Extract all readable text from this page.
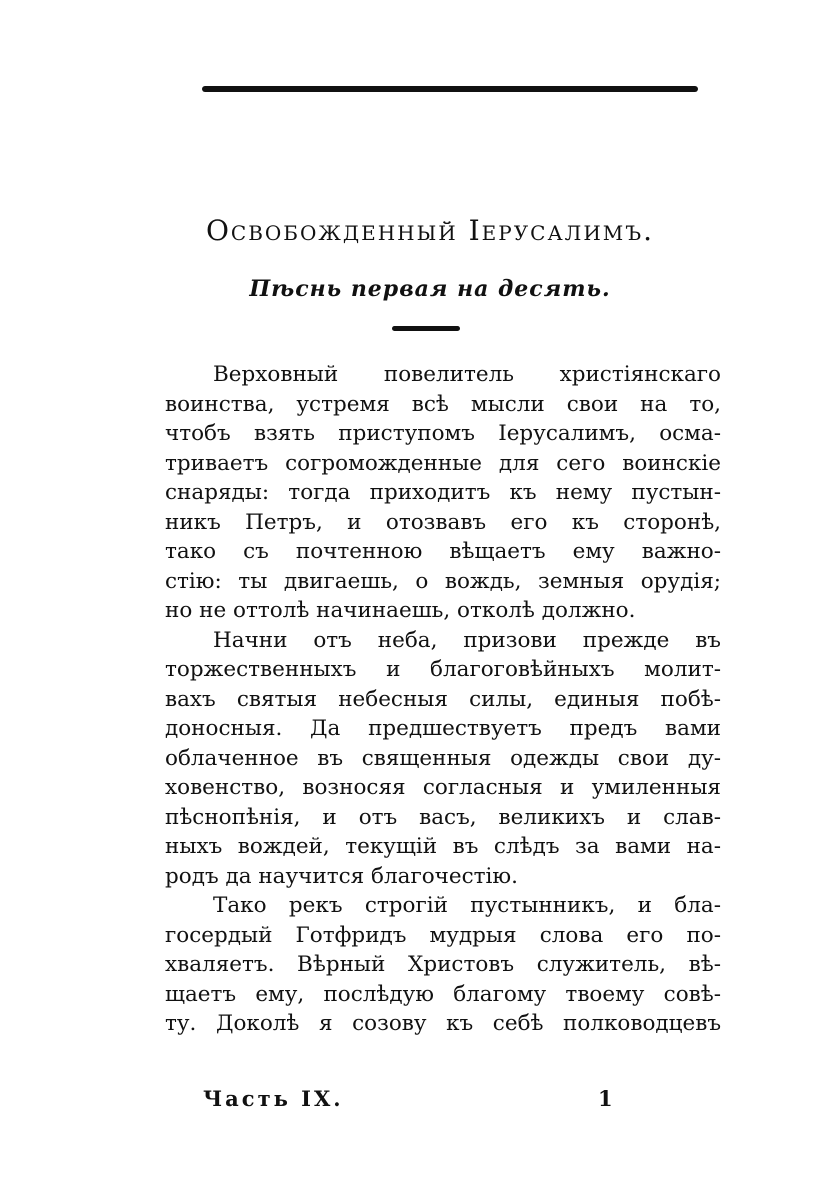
Освобожденный Іерусалимъ.
Пѣснь первая на десять.
Верховный повелитель христіянскаго
воинства, устремя всѣ мысли свои на то,
чтобъ взять приступомъ Іерусалимъ, осма-
триваетъ согроможденные для сего воинскіе
снаряды: тогда приходитъ къ нему пустын-
никъ Петръ, и отозвавъ его къ сторонѣ,
тако съ почтенною вѣщаетъ ему важно-
стію: ты двигаешь, о вождь, земныя орудія;
но не оттолѣ начинаешь, отколѣ должно.
Начни отъ неба, призови прежде въ
торжественныхъ и благоговѣйныхъ молит-
вахъ святыя небесныя силы, единыя побѣ-
доносныя. Да предшествуетъ предъ вами
облаченное въ священныя одежды свои ду-
ховенство, возносяя согласныя и умиленныя
пѣснопѣнія, и отъ васъ, великихъ и слав-
ныхъ вождей, текущій въ слѣдъ за вами на-
родъ да научится благочестію.
Тако рекъ строгій пустынникъ, и бла-
госердый Готфридъ мудрыя слова его по-
хваляетъ. Вѣрный Христовъ служитель, вѣ-
щаетъ ему, послѣдую благому твоему совѣ-
ту. Доколѣ я созову къ себѣ полководцевъ
Часть IX.	1
